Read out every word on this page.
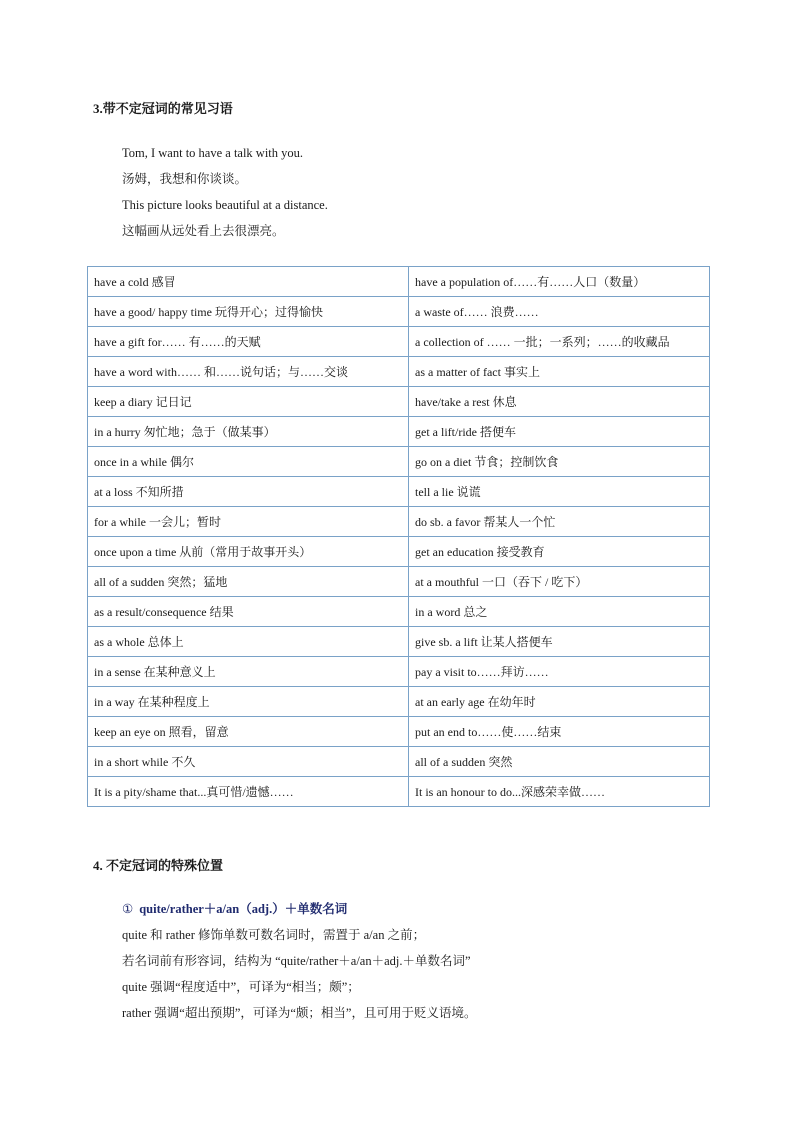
3.带不定冠词的常见习语
Tom, I want to have a talk with you.
汤姆，我想和你谈谈。
This picture looks beautiful at a distance.
这幅画从远处看上去很漂亮。
have a cold 感冒	have a population of……有……人口（数量）
have a good/ happy time 玩得开心；过得愉快	a waste of…… 浪费……
have a gift for…… 有……的天赋	a collection of …… 一批；一系列；……的收藏品
have a word with…… 和……说句话；与……交谈	as a matter of fact 事实上
keep a diary 记日记	have/take a rest 休息
in a hurry 匆忙地；急于（做某事）	get a lift/ride 搭便车
once in a while 偶尔	go on a diet 节食；控制饮食
at a loss 不知所措	tell a lie 说谎
for a while 一会儿；暂时	do sb. a favor 帮某人一个忙
once upon a time 从前（常用于故事开头）	get an education 接受教育
all of a sudden 突然；猛地	at a mouthful 一口（吞下 / 吃下）
as a result/consequence 结果	in a word 总之
as a whole 总体上	give sb. a lift 让某人搭便车
in a sense 在某种意义上	pay a visit to……拜访……
in a way 在某种程度上	at an early age 在幼年时
keep an eye on 照看，留意	put an end to……使……结束
in a short while 不久	all of a sudden 突然
It is a pity/shame that...真可惜/遗憾……	It is an honour to do...深感荣幸做……
4. 不定冠词的特殊位置
① quite/rather＋a/an（adj.）＋单数名词
quite 和 rather 修饰单数可数名词时，需置于 a/an 之前；
若名词前有形容词，结构为 “quite/rather＋a/an＋adj.＋单数名词”
quite 强调“程度适中”，可译为“相当；颇”；
rather 强调“超出预期”，可译为“颇；相当”，且可用于贬义语境。
